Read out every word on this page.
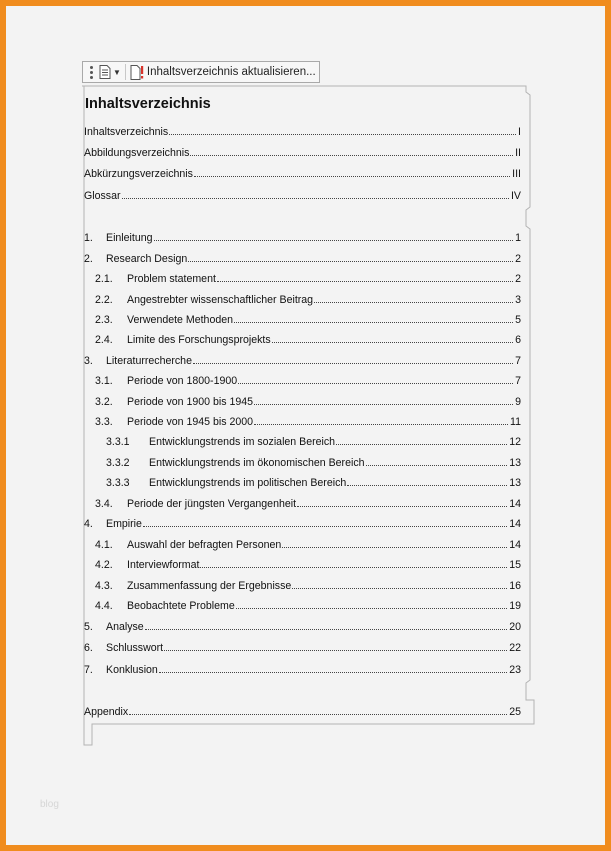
▼ Inhaltsverzeichnis aktualisieren...
Inhaltsverzeichnis
Inhaltsverzeichnis	I
Abbildungsverzeichnis	II
Abkürzungsverzeichnis	III
Glossar	IV
1.	Einleitung	1
2.	Research Design	2
2.1.	Problem statement	2
2.2.	Angestrebter wissenschaftlicher Beitrag	3
2.3.	Verwendete Methoden	5
2.4.	Limite des Forschungsprojekts	6
3.	Literaturrecherche	7
3.1.	Periode von 1800-1900	7
3.2.	Periode von 1900 bis 1945	9
3.3.	Periode von 1945 bis 2000	11
3.3.1	Entwicklungstrends im sozialen Bereich	12
3.3.2	Entwicklungstrends im ökonomischen Bereich	13
3.3.3	Entwicklungstrends im politischen Bereich	13
3.4.	Periode der jüngsten Vergangenheit	14
4.	Empirie	14
4.1.	Auswahl der befragten Personen	14
4.2.	Interviewformat	15
4.3.	Zusammenfassung der Ergebnisse	16
4.4.	Beobachtete Probleme	19
5.	Analyse	20
6.	Schlusswort	22
7.	Konklusion	23
Appendix	25
blog
